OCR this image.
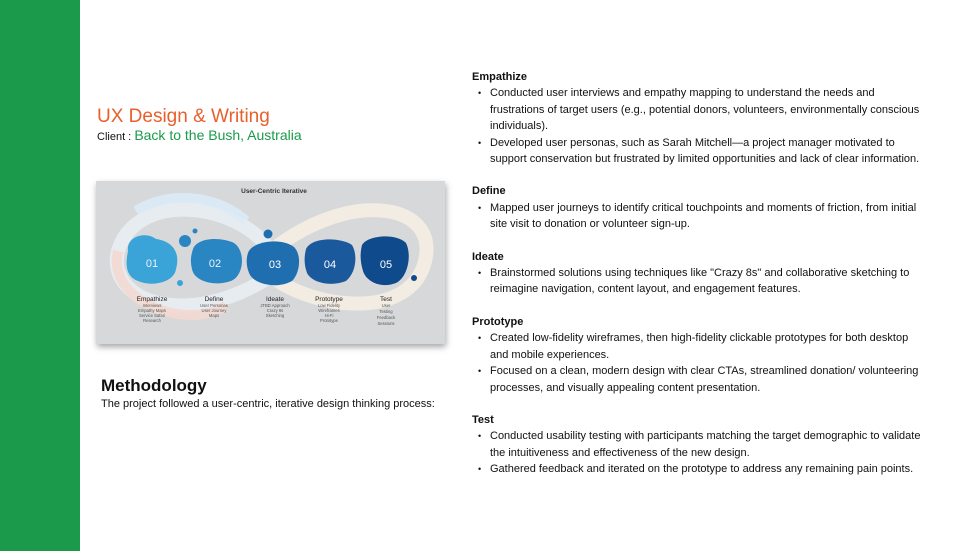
UX Design & Writing
Client : Back to the Bush, Australia
User-Centric Iterative
01	02	03	04	05
Empathize	Define	Ideate	Prototype	Test
Interviews
Empathy Maps
Service Safari
Research
User Personas
User Journey
Maps
JTBD Approach
Crazy 8s
Sketching
Low Fidelity
Wireframes
Hi-Fi
Prototype
User
Testing
Feedback
Sessions
Methodology
The project followed a user-centric, iterative design thinking process:
Empathize
• Conducted user interviews and empathy mapping to understand the needs and frustrations of target users (e.g., potential donors, volunteers, environmentally conscious individuals).
• Developed user personas, such as Sarah Mitchell—a project manager motivated to support conservation but frustrated by limited opportunities and lack of clear information.
Define
• Mapped user journeys to identify critical touchpoints and moments of friction, from initial site visit to donation or volunteer sign-up.
Ideate
• Brainstormed solutions using techniques like "Crazy 8s" and collaborative sketching to reimagine navigation, content layout, and engagement features.
Prototype
• Created low-fidelity wireframes, then high-fidelity clickable prototypes for both desktop and mobile experiences.
• Focused on a clean, modern design with clear CTAs, streamlined donation/ volunteering processes, and visually appealing content presentation.
Test
• Conducted usability testing with participants matching the target demographic to validate the intuitiveness and effectiveness of the new design.
• Gathered feedback and iterated on the prototype to address any remaining pain points.
